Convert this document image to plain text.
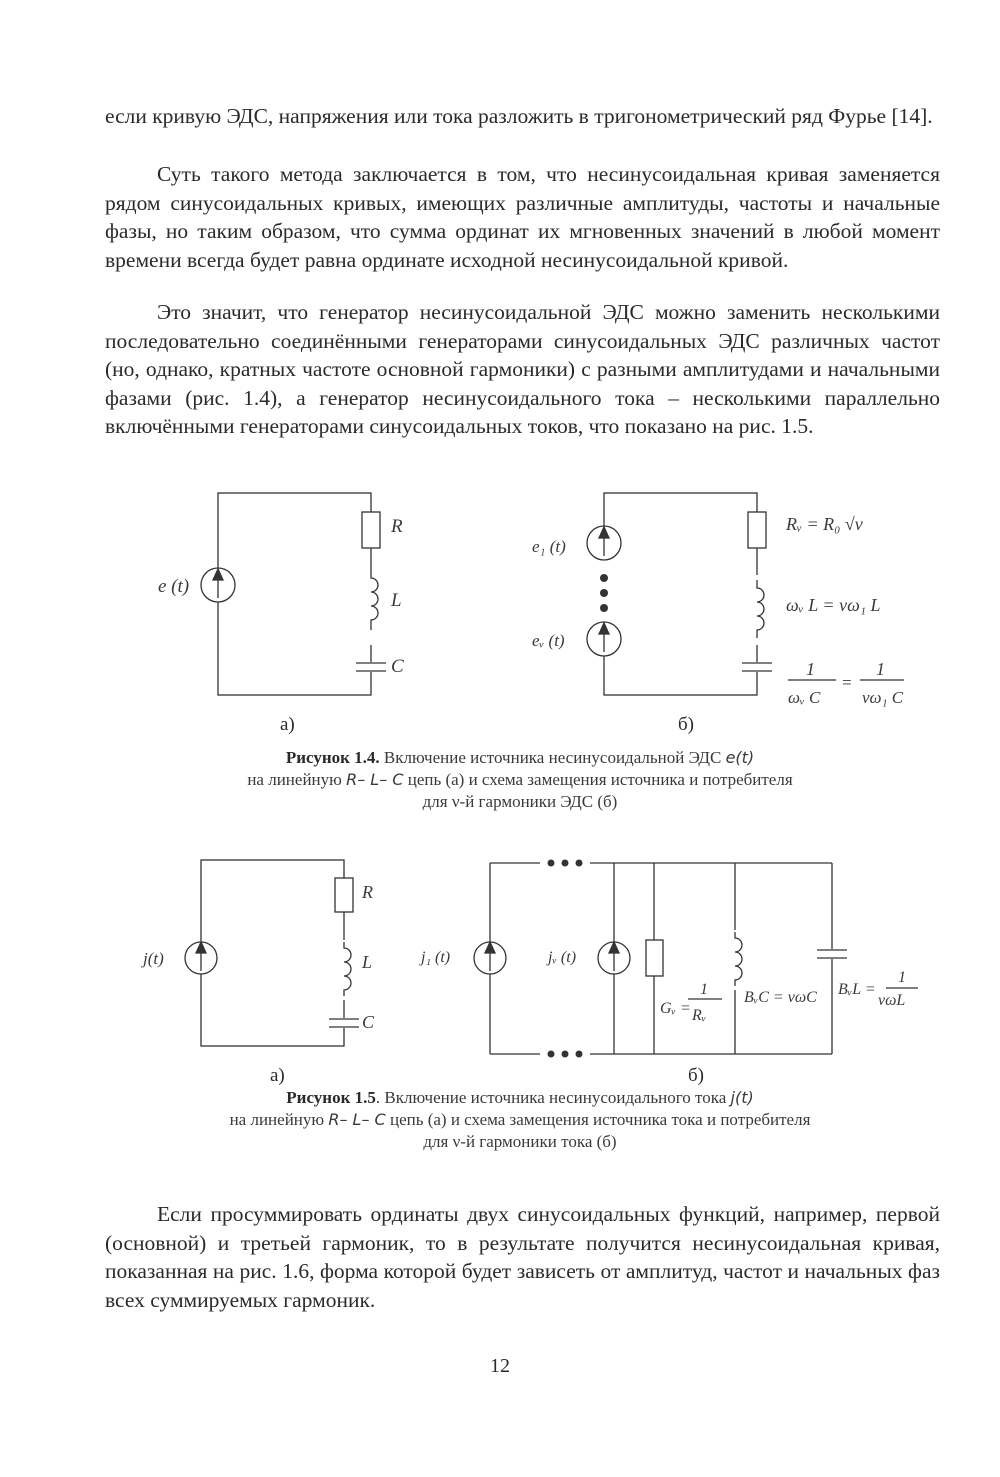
если кривую ЭДС, напряжения или тока разложить в тригонометрический ряд Фурье [14].

Суть такого метода заключается в том, что несинусоидальная кривая заменяется рядом синусоидальных кривых, имеющих различные амплитуды, частоты и начальные фазы, но таким образом, что сумма ординат их мгновенных значений в любой момент времени всегда будет равна ординате исходной несинусоидальной кривой.

Это значит, что генератор несинусоидальной ЭДС можно заменить несколькими последовательно соединёнными генераторами синусоидальных ЭДС различных частот (но, однако, кратных частоте основной гармоники) с разными амплитудами и начальными фазами (рис. 1.4), а генератор несинусоидального тока – несколькими параллельно включёнными генераторами синусоидальных токов, что показано на рис. 1.5.

e (t)
R
L
C
e₁ (t)
eᵥ (t)
Rᵥ = R₀ √ν
ωᵥ L = νω₁ L
1
ωᵥ C
=
1
νω₁ C
а)	б)
Рисунок 1.4. Включение источника несинусоидальной ЭДС e(t)
на линейную R– L– C цепь (а) и схема замещения источника и потребителя
для ν-й гармоники ЭДС (б)
j(t)
R
L
C
j₁ (t)	jᵥ (t)
Gᵥ =
1
Rᵥ
BᵥC = νωC BᵥL =
1
νωL
а)	б)
Рисунок 1.5. Включение источника несинусоидального тока j(t)
на линейную R– L– C цепь (а) и схема замещения источника тока и потребителя
для ν-й гармоники тока (б)

Если просуммировать ординаты двух синусоидальных функций, например, первой (основной) и третьей гармоник, то в результате получится несинусоидальная кривая, показанная на рис. 1.6, форма которой будет зависеть от амплитуд, частот и начальных фаз всех суммируемых гармоник.

12
